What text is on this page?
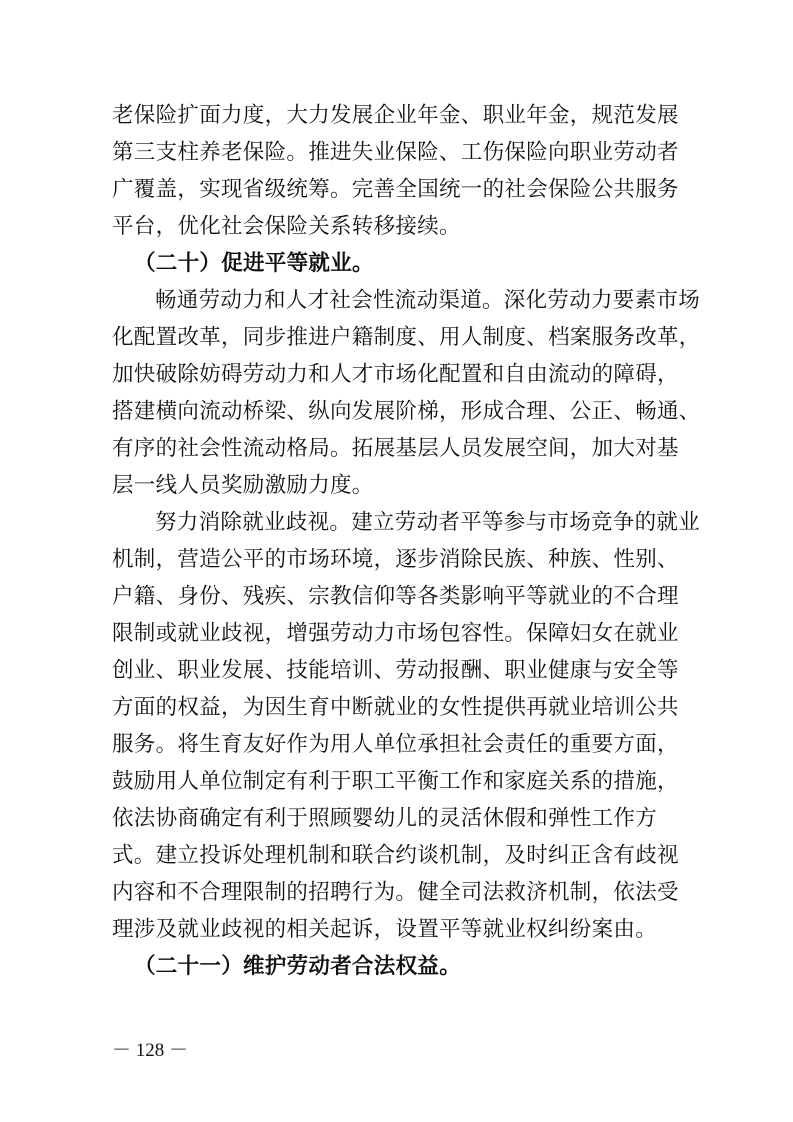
老保险扩面力度，大力发展企业年金、职业年金，规范发展
第三支柱养老保险。推进失业保险、工伤保险向职业劳动者
广覆盖，实现省级统筹。完善全国统一的社会保险公共服务
平台，优化社会保险关系转移接续。
（二十）促进平等就业。
畅通劳动力和人才社会性流动渠道。深化劳动力要素市场
化配置改革，同步推进户籍制度、用人制度、档案服务改革，
加快破除妨碍劳动力和人才市场化配置和自由流动的障碍，
搭建横向流动桥梁、纵向发展阶梯，形成合理、公正、畅通、
有序的社会性流动格局。拓展基层人员发展空间，加大对基
层一线人员奖励激励力度。
努力消除就业歧视。建立劳动者平等参与市场竞争的就业
机制，营造公平的市场环境，逐步消除民族、种族、性别、
户籍、身份、残疾、宗教信仰等各类影响平等就业的不合理
限制或就业歧视，增强劳动力市场包容性。保障妇女在就业
创业、职业发展、技能培训、劳动报酬、职业健康与安全等
方面的权益，为因生育中断就业的女性提供再就业培训公共
服务。将生育友好作为用人单位承担社会责任的重要方面，
鼓励用人单位制定有利于职工平衡工作和家庭关系的措施，
依法协商确定有利于照顾婴幼儿的灵活休假和弹性工作方
式。建立投诉处理机制和联合约谈机制，及时纠正含有歧视
内容和不合理限制的招聘行为。健全司法救济机制，依法受
理涉及就业歧视的相关起诉，设置平等就业权纠纷案由。
（二十一）维护劳动者合法权益。
－ 128 －
